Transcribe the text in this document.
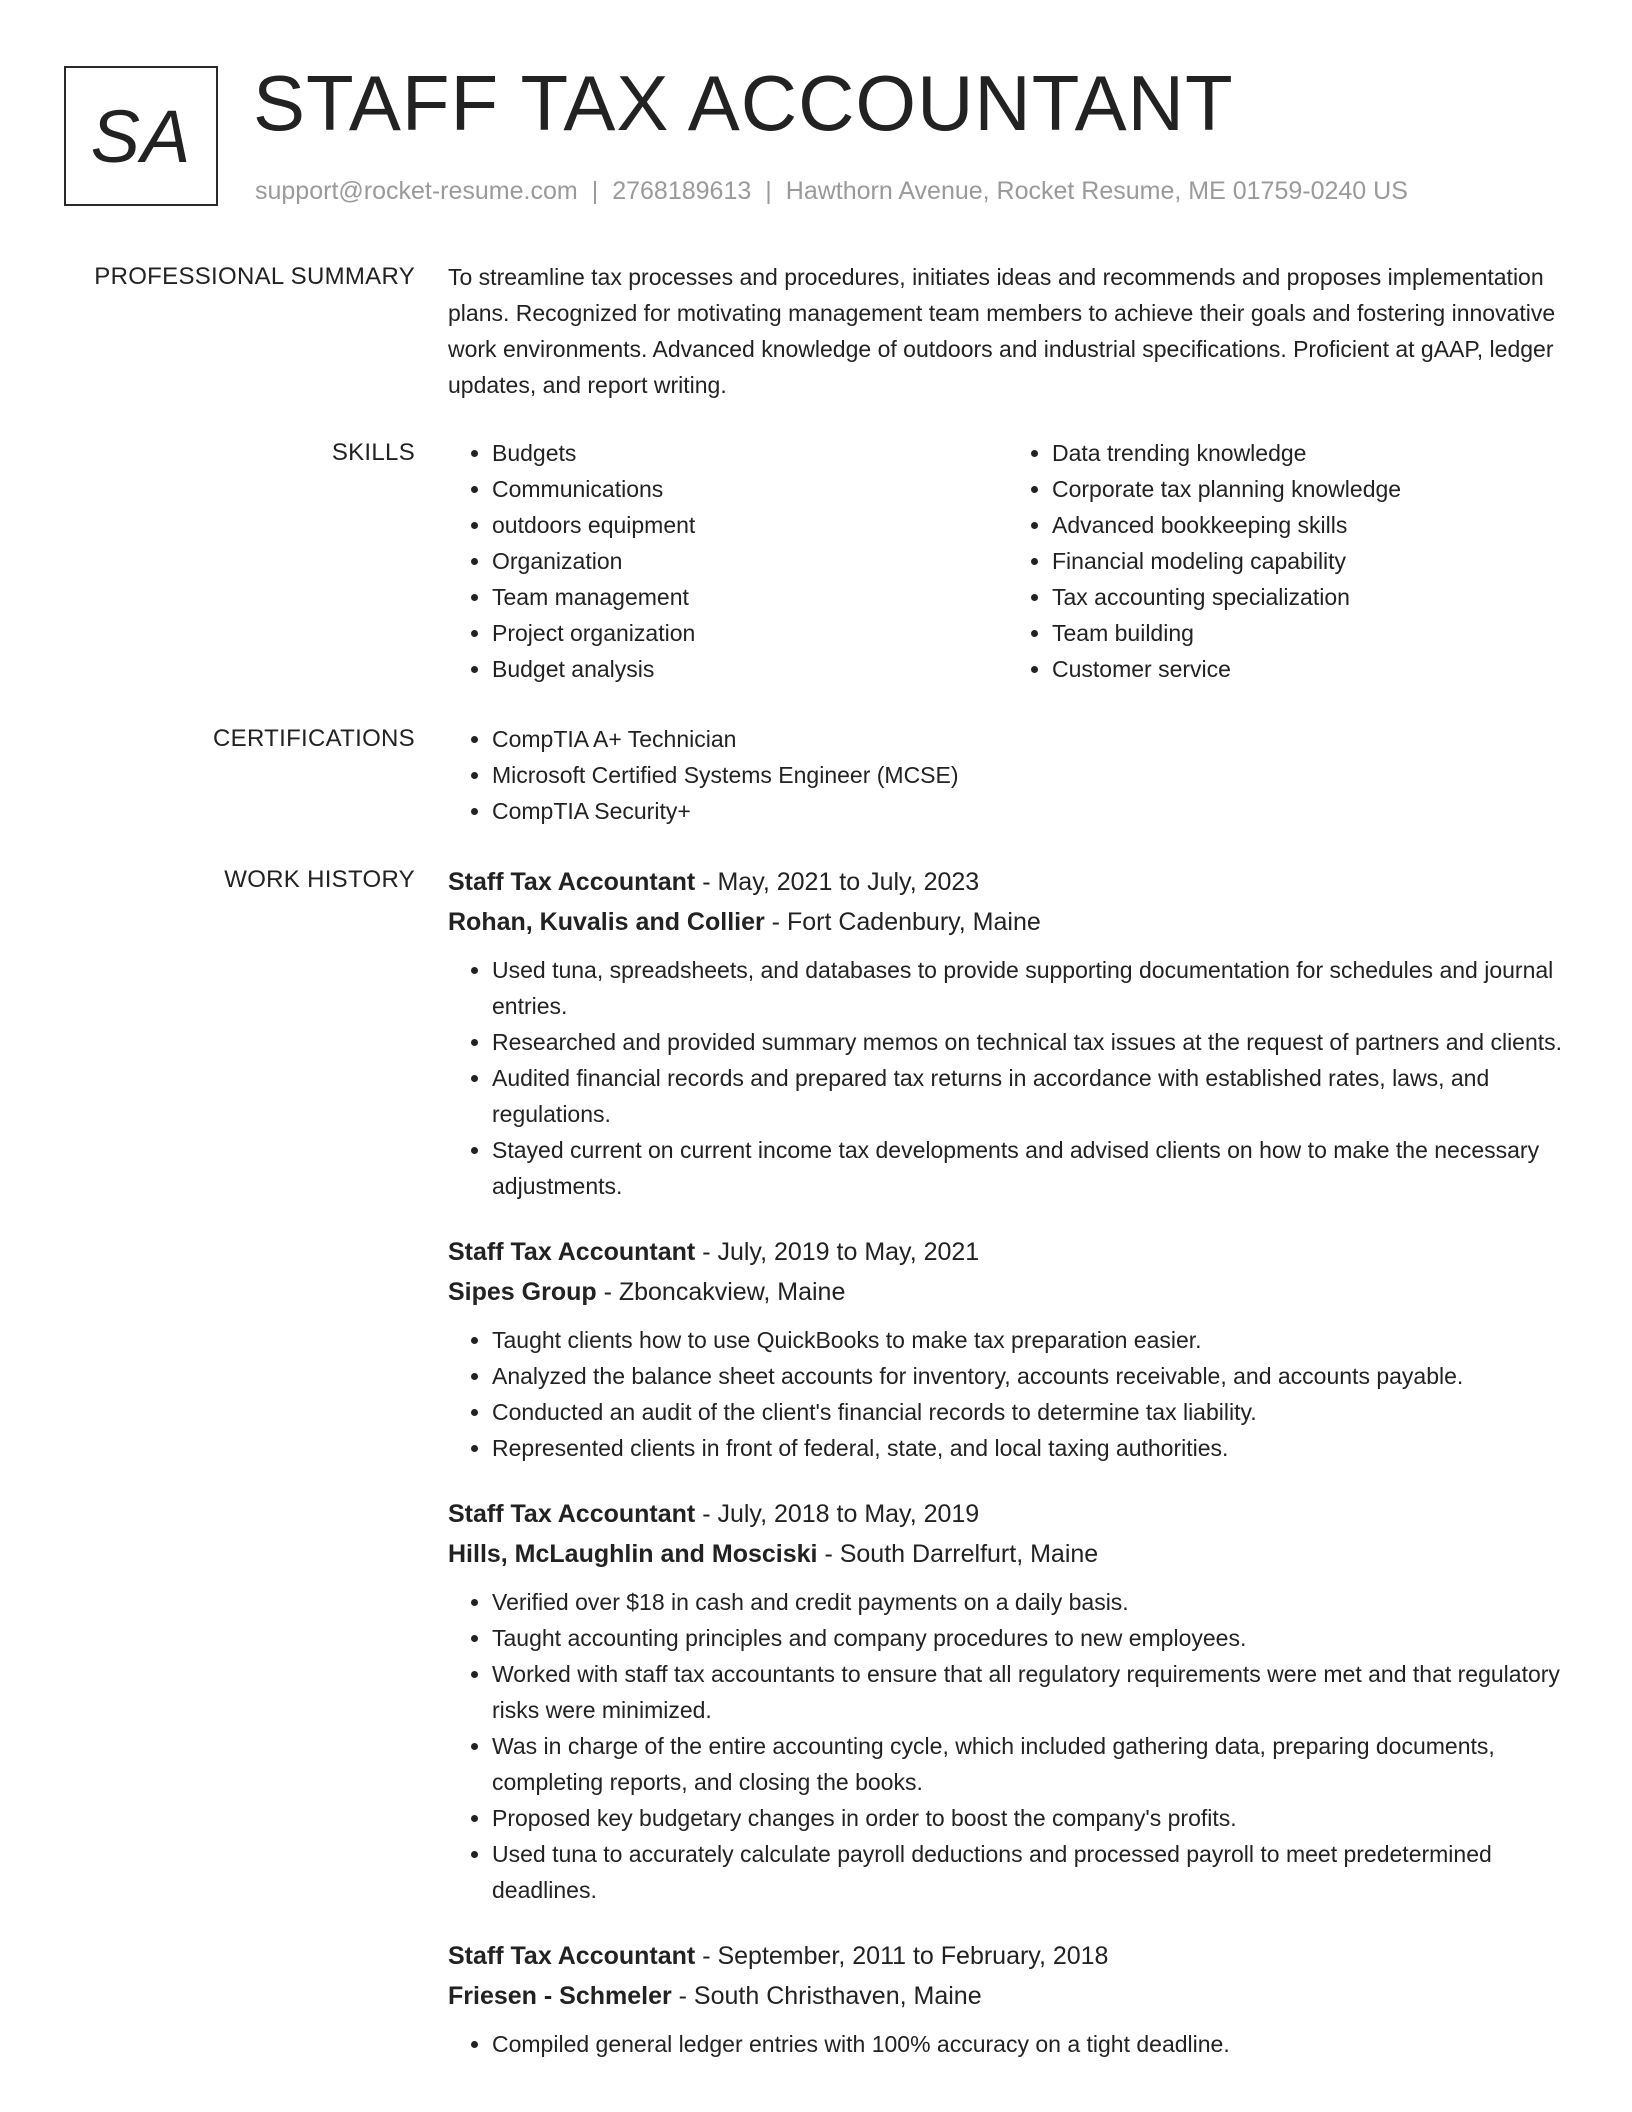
SA STAFF TAX ACCOUNTANT
support@rocket-resume.com | 2768189613 | Hawthorn Avenue, Rocket Resume, ME 01759-0240 US
PROFESSIONAL SUMMARY To streamline tax processes and procedures, initiates ideas and recommends and proposes implementation plans. Recognized for motivating management team members to achieve their goals and fostering innovative work environments. Advanced knowledge of outdoors and industrial specifications. Proficient at gAAP, ledger updates, and report writing.

SKILLS	• Budgets
• Communications
• outdoors equipment
• Organization
• Team management
• Project organization
• Budget analysis
• Data trending knowledge
• Corporate tax planning knowledge
• Advanced bookkeeping skills
• Financial modeling capability
• Tax accounting specialization
• Team building
• Customer service
CERTIFICATIONS	• CompTIA A+ Technician
• Microsoft Certified Systems Engineer (MCSE)
• CompTIA Security+
WORK HISTORY Staff Tax Accountant - May, 2021 to July, 2023
Rohan, Kuvalis and Collier - Fort Cadenbury, Maine
• Used tuna, spreadsheets, and databases to provide supporting documentation for schedules and journal entries.
• Researched and provided summary memos on technical tax issues at the request of partners and clients.
• Audited financial records and prepared tax returns in accordance with established rates, laws, and regulations.
• Stayed current on current income tax developments and advised clients on how to make the necessary adjustments.
Staff Tax Accountant - July, 2019 to May, 2021
Sipes Group - Zboncakview, Maine
• Taught clients how to use QuickBooks to make tax preparation easier.
• Analyzed the balance sheet accounts for inventory, accounts receivable, and accounts payable.
• Conducted an audit of the client's financial records to determine tax liability.
• Represented clients in front of federal, state, and local taxing authorities.
Staff Tax Accountant - July, 2018 to May, 2019
Hills, McLaughlin and Mosciski - South Darrelfurt, Maine
• Verified over $18 in cash and credit payments on a daily basis.
• Taught accounting principles and company procedures to new employees.
• Worked with staff tax accountants to ensure that all regulatory requirements were met and that regulatory risks were minimized.
• Was in charge of the entire accounting cycle, which included gathering data, preparing documents, completing reports, and closing the books.
• Proposed key budgetary changes in order to boost the company's profits.
• Used tuna to accurately calculate payroll deductions and processed payroll to meet predetermined deadlines.
Staff Tax Accountant - September, 2011 to February, 2018
Friesen - Schmeler - South Christhaven, Maine
• Compiled general ledger entries with 100% accuracy on a tight deadline.
